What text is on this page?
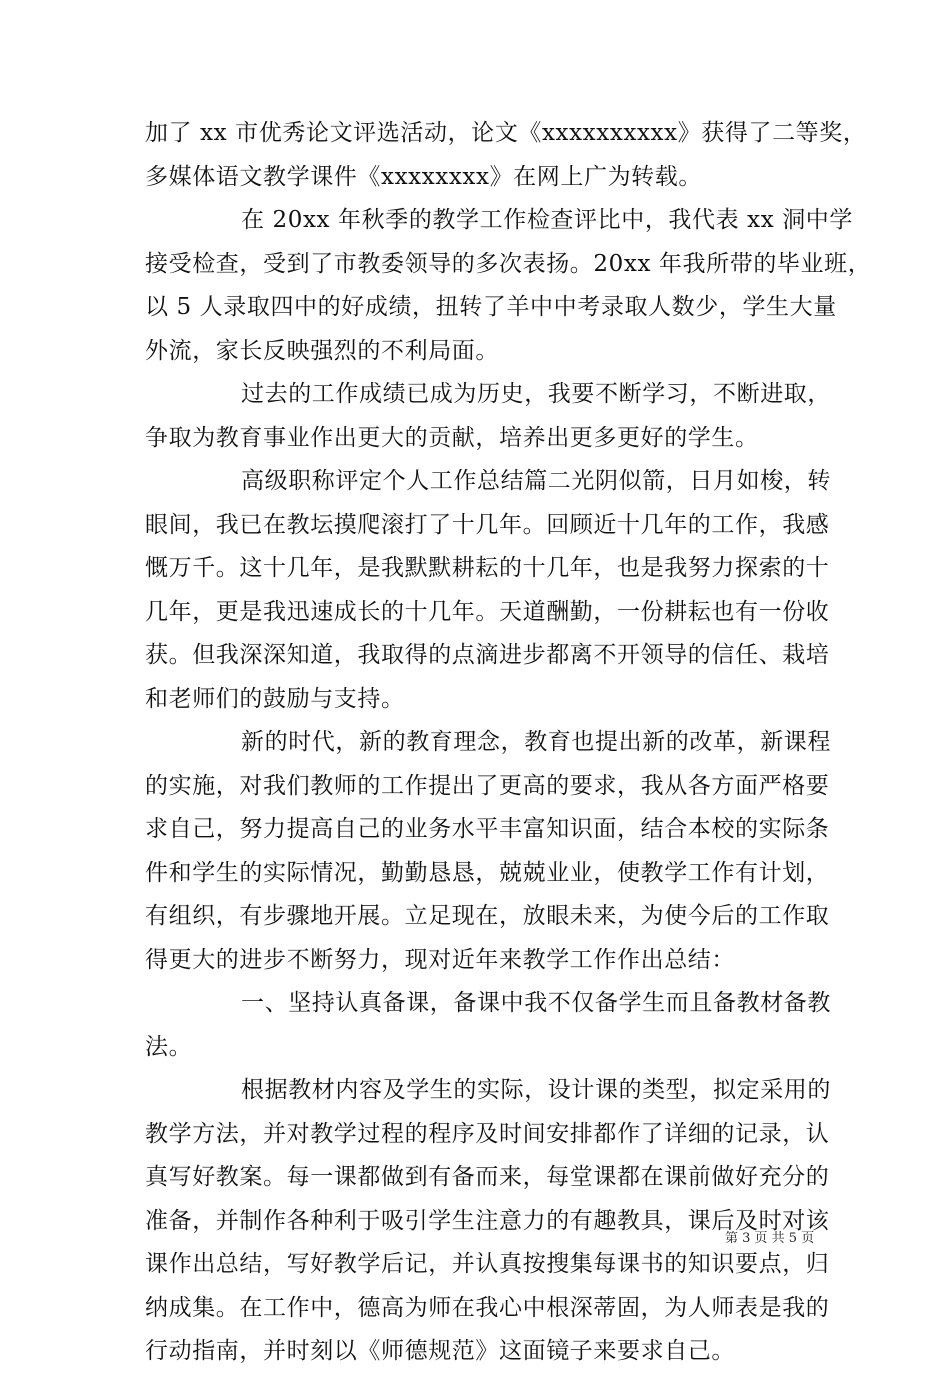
加了 xx 市优秀论文评选活动，论文《xxxxxxxxxx》获得了二等奖，
多媒体语文教学课件《xxxxxxxx》在网上广为转载。
在 20xx 年秋季的教学工作检查评比中，我代表 xx 洞中学
接受检查，受到了市教委领导的多次表扬。20xx 年我所带的毕业班，
以 5 人录取四中的好成绩，扭转了羊中中考录取人数少，学生大量
外流，家长反映强烈的不利局面。
过去的工作成绩已成为历史，我要不断学习，不断进取，
争取为教育事业作出更大的贡献，培养出更多更好的学生。
高级职称评定个人工作总结篇二光阴似箭，日月如梭，转
眼间，我已在教坛摸爬滚打了十几年。回顾近十几年的工作，我感
慨万千。这十几年，是我默默耕耘的十几年，也是我努力探索的十
几年，更是我迅速成长的十几年。天道酬勤，一份耕耘也有一份收
获。但我深深知道，我取得的点滴进步都离不开领导的信任、栽培
和老师们的鼓励与支持。
新的时代，新的教育理念，教育也提出新的改革，新课程
的实施，对我们教师的工作提出了更高的要求，我从各方面严格要
求自己，努力提高自己的业务水平丰富知识面，结合本校的实际条
件和学生的实际情况，勤勤恳恳，兢兢业业，使教学工作有计划，
有组织，有步骤地开展。立足现在，放眼未来，为使今后的工作取
得更大的进步不断努力，现对近年来教学工作作出总结：
一、坚持认真备课，备课中我不仅备学生而且备教材备教
法。
根据教材内容及学生的实际，设计课的类型，拟定采用的
教学方法，并对教学过程的程序及时间安排都作了详细的记录，认
真写好教案。每一课都做到有备而来，每堂课都在课前做好充分的
准备，并制作各种利于吸引学生注意力的有趣教具，课后及时对该
课作出总结，写好教学后记，并认真按搜集每课书的知识要点，归
纳成集。在工作中，德高为师在我心中根深蒂固，为人师表是我的
行动指南，并时刻以《师德规范》这面镜子来要求自己。
第 3 页 共 5 页
